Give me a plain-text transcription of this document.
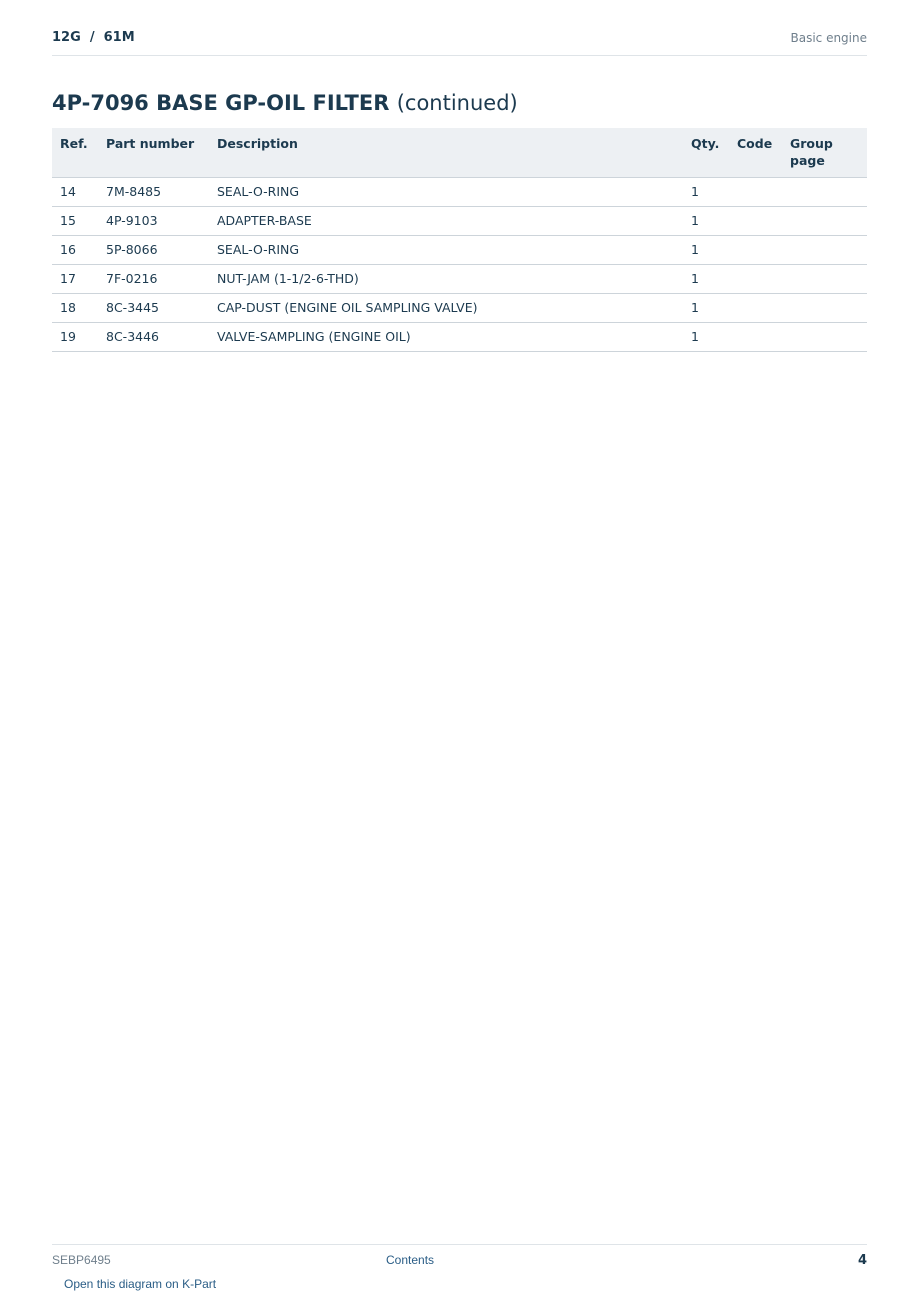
12G  /  61M	Basic engine
4P-7096 BASE GP-OIL FILTER (continued)
Ref.	Part number	Description	Qty.	Code	Group page
14	7M-8485	SEAL-O-RING	1		
15	4P-9103	ADAPTER-BASE	1		
16	5P-8066	SEAL-O-RING	1		
17	7F-0216	NUT-JAM (1-1/2-6-THD)	1		
18	8C-3445	CAP-DUST (ENGINE OIL SAMPLING VALVE)	1		
19	8C-3446	VALVE-SAMPLING (ENGINE OIL)	1		
SEBP6495	Contents	4
Open this diagram on K-Part
